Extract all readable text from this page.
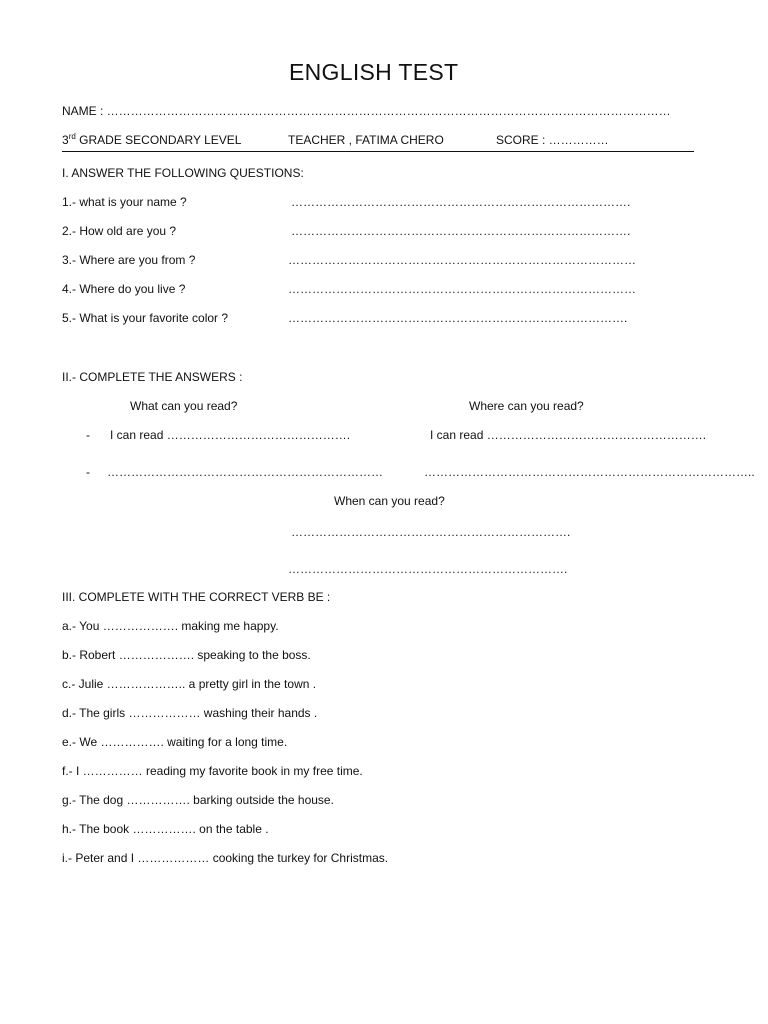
ENGLISH TEST
NAME : ……………………………………………………………………………………………………………………………
3rd GRADE SECONDARY LEVEL	TEACHER , FATIMA CHERO	SCORE : ……………
I. ANSWER THE FOLLOWING QUESTIONS:
1.- what is your name ?	………………………………………………………………………….
2.- How old are you ?	………………………………………………………………………….
3.- Where are you from ?	……………………………………………………………………………
4.- Where do you live ?	……………………………………………………………………………
5.- What is your favorite color ?	………………………………………………………………………….
II.- COMPLETE THE ANSWERS :
What can you read?	Where can you read?
- I can read ……………………………………….	I can read ……………………………………………….
- ……………………………………………………………	………………………………………………………………………..
When can you read?
…………………………………………………………….
…………………………………………………………….
III. COMPLETE WITH THE CORRECT VERB BE :
a.- You ………………. making me happy.
b.- Robert ………………. speaking to the boss.
c.- Julie ……………….. a pretty girl in the town .
d.- The girls ……………… washing their hands .
e.- We ……………. waiting for a long time.
f.- I …………… reading my favorite book in my free time.
g.- The dog ……………. barking outside the house.
h.- The book ……………. on the table .
i.- Peter and I ……………… cooking the turkey for Christmas.
